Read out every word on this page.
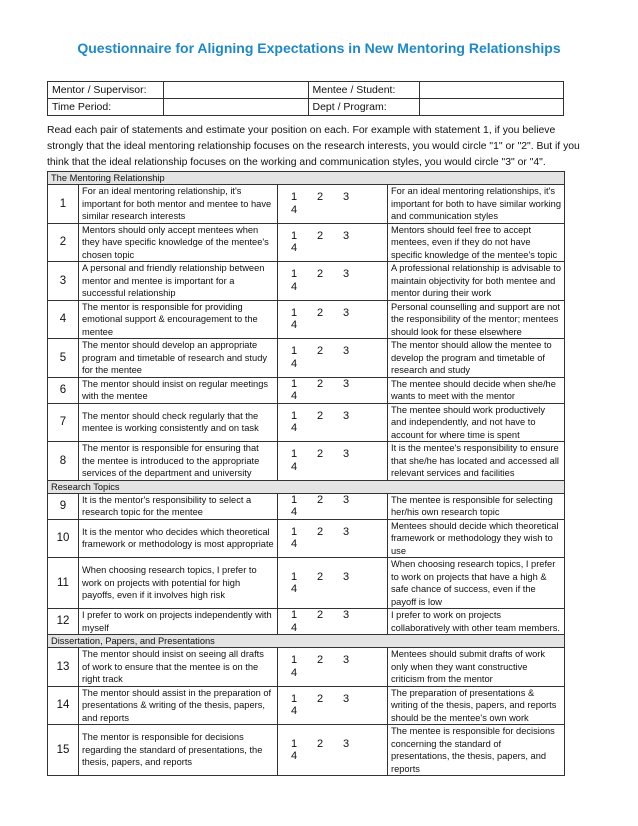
Questionnaire for Aligning Expectations in New Mentoring Relationships
Mentor / Supervisor:		Mentee / Student:	
Time Period:		Dept / Program:	

Read each pair of statements and estimate your position on each. For example with statement 1, if you believe strongly that the ideal mentoring relationship focuses on the research interests, you would circle "1" or "2". But if you think that the ideal relationship focuses on the working and communication styles, you would circle "3" or "4".

The Mentoring Relationship			
1	For an ideal mentoring relationship, it's important for both mentor and mentee to have similar research interests	1 2 34	For an ideal mentoring relationships, it's important for both to have similar working and communication styles
2	Mentors should only accept mentees when they have specific knowledge of the mentee's chosen topic	1 2 34	Mentors should feel free to accept mentees, even if they do not have specific knowledge of the mentee's topic
3	A personal and friendly relationship between mentor and mentee is important for a successful relationship	1 2 34	A professional relationship is advisable to maintain objectivity for both mentee and mentor during their work
4	The mentor is responsible for providing emotional support & encouragement to the mentee	1 2 34	Personal counselling and support are not the responsibility of the mentor; mentees should look for these elsewhere
5	The mentor should develop an appropriate program and timetable of research and study for the mentee	1 2 34	The mentor should allow the mentee to develop the program and timetable of research and study
6	The mentor should insist on regular meetings with the mentee	1 2 34	The mentee should decide when she/he wants to meet with the mentor
7	The mentor should check regularly that the mentee is working consistently and on task	1 2 34	The mentee should work productively and independently, and not have to account for where time is spent
8	The mentor is responsible for ensuring that the mentee is introduced to the appropriate services of the department and university	1 2 34	It is the mentee's responsibility to ensure that she/he has located and accessed all relevant services and facilities
Research Topics			
9	It is the mentor's responsibility to select a research topic for the mentee	1 2 34	The mentee is responsible for selecting her/his own research topic
10	It is the mentor who decides which theoretical framework or methodology is most appropriate	1 2 34	Mentees should decide which theoretical framework or methodology they wish to use
11	When choosing research topics, I prefer to work on projects with potential for high payoffs, even if it involves high risk	1 2 34	When choosing research topics, I prefer to work on projects that have a high & safe chance of success, even if the payoff is low
12	I prefer to work on projects independently with myself	1 2 34	I prefer to work on projects collaboratively with other team members.
Dissertation, Papers, and Presentations			
13	The mentor should insist on seeing all drafts of work to ensure that the mentee is on the right track	1 2 34	Mentees should submit drafts of work only when they want constructive criticism from the mentor
14	The mentor should assist in the preparation of presentations & writing of the thesis, papers, and reports	1 2 34	The preparation of presentations & writing of the thesis, papers, and reports should be the mentee's own work
15	The mentor is responsible for decisions regarding the standard of presentations, the thesis, papers, and reports	1 2 34	The mentee is responsible for decisions concerning the standard of presentations, the thesis, papers, and reports
